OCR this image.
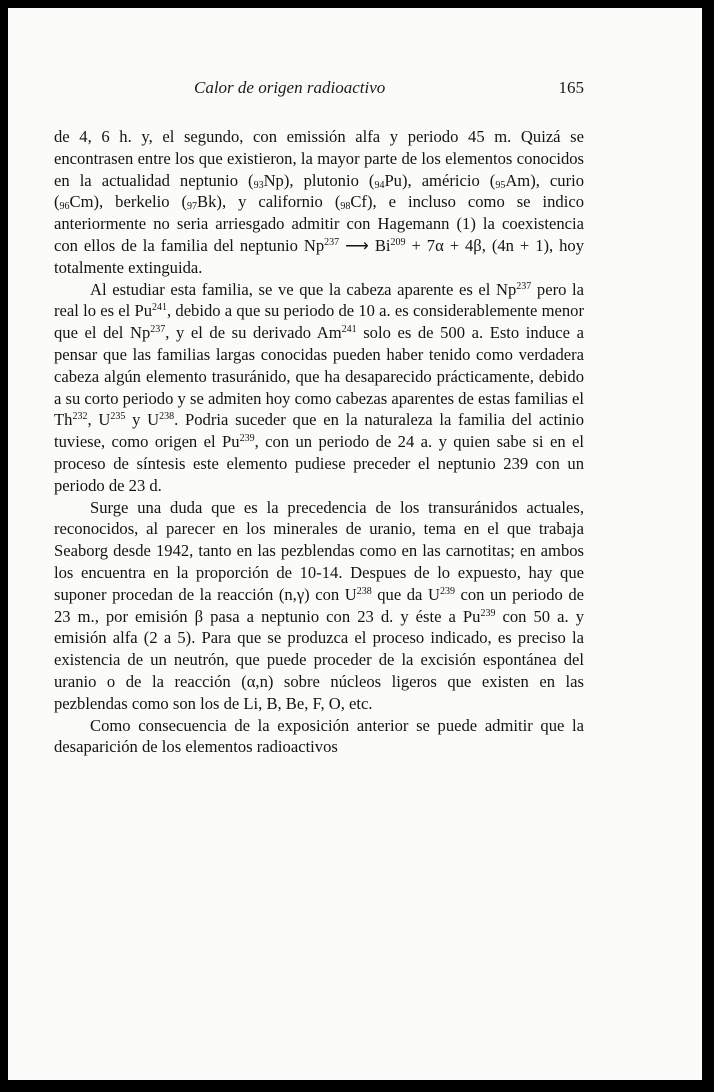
Calor de origen radioactivo	165

de 4, 6 h. y, el segundo, con emissión alfa y periodo 45 m. Quizá se encontrasen entre los que existieron, la mayor parte de los elementos conocidos en la actualidad neptunio $(_{93}Np)$, plutonio $(_{94}Pu)$, américio $(_{95}Am)$, curio $(_{96}Cm)$, berkelio $(_{97}Bk)$, y californio $(_{98}Cf)$, e incluso como se indico anteriormente no seria arriesgado admitir con Hagemann (1) la coexistencia con ellos de la familia del neptunio Np$^{237}$ ⟶ $Bi^{209} + 7\alpha + 4\beta$, (4n + 1), hoy totalmente extinguida.

Al estudiar esta familia, se ve que la cabeza aparente es el Np$^{237}$ pero la real lo es el Pu$^{241}$, debido a que su periodo de 10 a. es considerablemente menor que el del Np$^{237}$, y el de su derivado Am$^{241}$ solo es de 500 a. Esto induce a pensar que las familias largas conocidas pueden haber tenido como verdadera cabeza algún elemento trasuránido, que ha desaparecido prácticamente, debido a su corto periodo y se admiten hoy como cabezas aparentes de estas familias el Th$^{232}$, $U^{235}$ y $U^{238}$. Podria suceder que en la naturaleza la familia del actinio tuviese, como origen el Pu$^{239}$, con un periodo de 24 a. y quien sabe si en el proceso de síntesis este elemento pudiese preceder el neptunio 239 con un periodo de 23 d.

Surge una duda que es la precedencia de los transuránidos actuales, reconocidos, al parecer en los minerales de uranio, tema en el que trabaja Seaborg desde 1942, tanto en las pezblendas como en las carnotitas; en ambos los encuentra en la proporción de 10-14. Despues de lo expuesto, hay que suponer procedan de la reacción (n,γ) con $U^{238}$ que da $U^{239}$ con un periodo de 23 m., por emisión β pasa a neptunio con 23 d. y éste a Pu$^{239}$ con 50 a. y emisión alfa (2 a 5). Para que se produzca el proceso indicado, es preciso la existencia de un neutrón, que puede proceder de la excisión espontánea del uranio o de la reacción (α,n) sobre núcleos ligeros que existen en las pezblendas como son los de Li, B, Be, F, O, etc.

Como consecuencia de la exposición anterior se puede admitir que la desaparición de los elementos radioactivos
